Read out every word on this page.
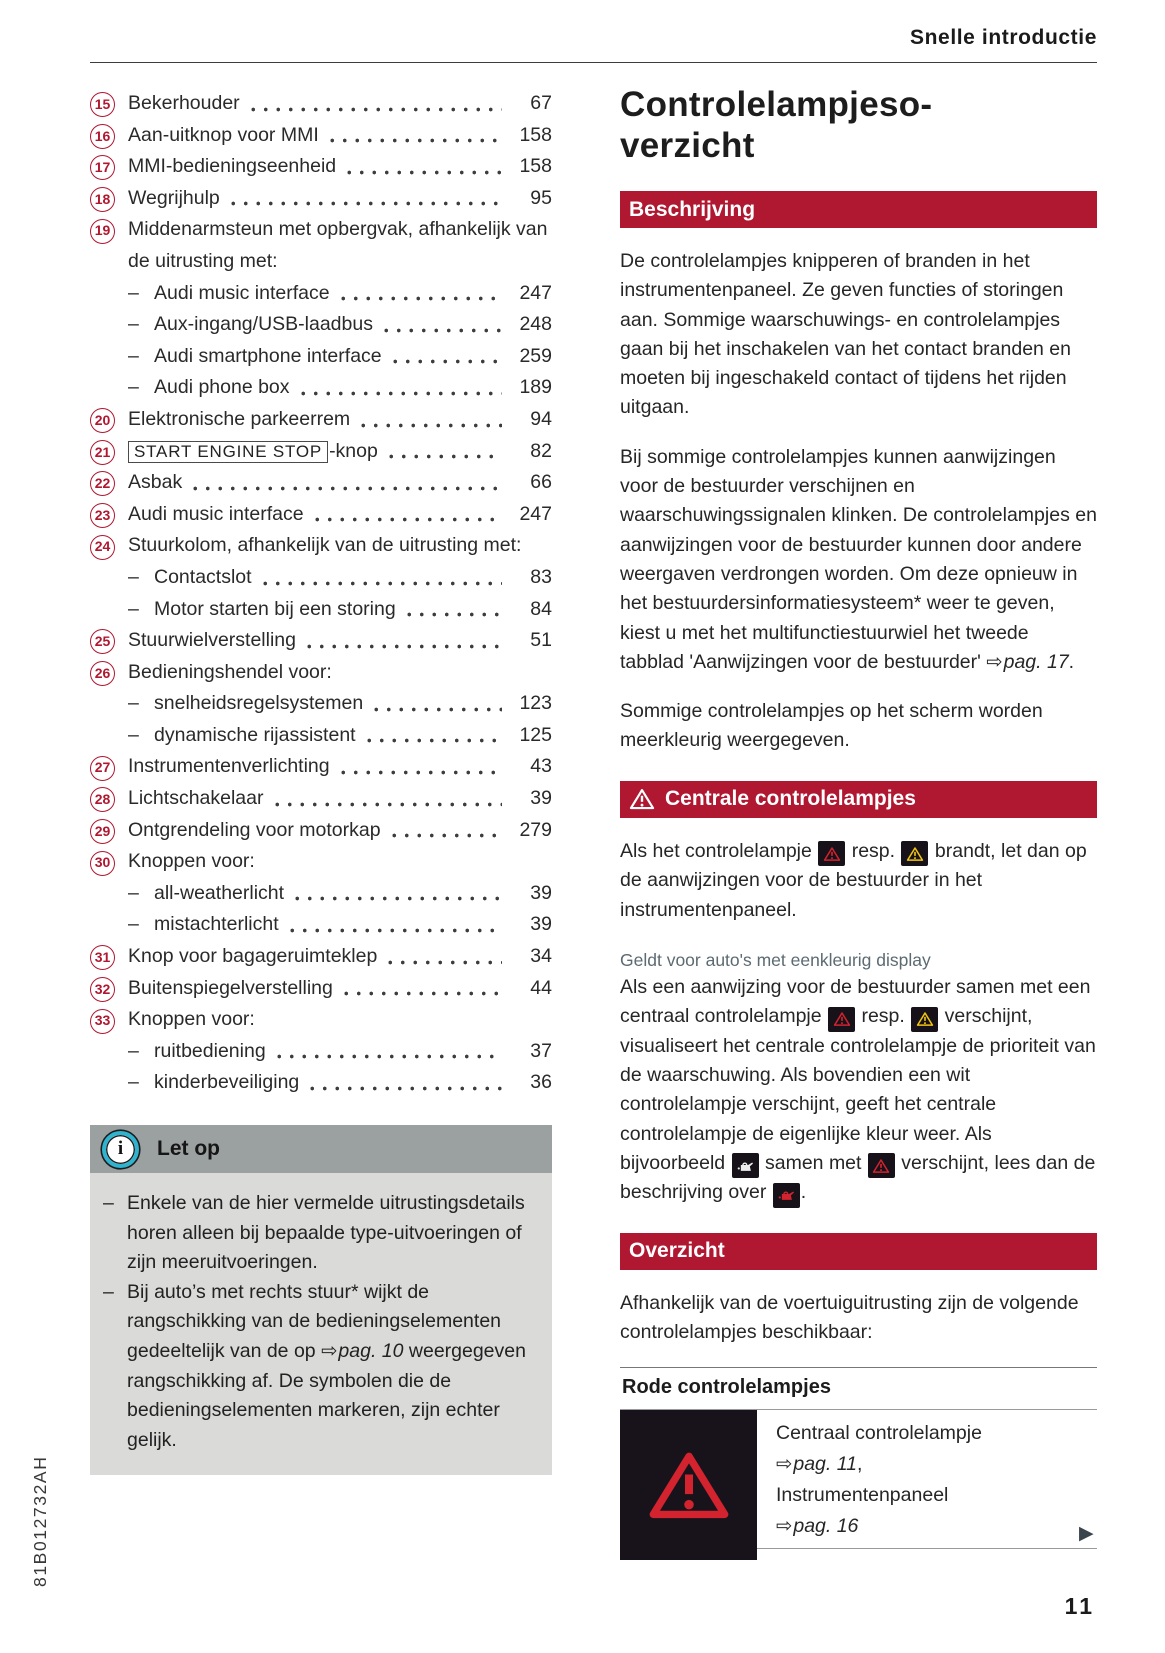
Snelle introductie
15 Bekerhouder	67
16 Aan-uitknop voor MMI	158
17 MMI-bedieningseenheid	158
18 Wegrijhulp	95
19 Middenarmsteun met opbergvak, afhankelijk van de uitrusting met:
– Audi music interface	247
– Aux-ingang/USB-laadbus	248
– Audi smartphone interface	259
– Audi phone box	189
20 Elektronische parkeerrem	94
21	START ENGINE STOP -knop	82
22 Asbak	66
23 Audi music interface	247
24 Stuurkolom, afhankelijk van de uitrusting met:
– Contactslot	83
– Motor starten bij een storing	84
25 Stuurwielverstelling	51
26 Bedieningshendel voor:
– snelheidsregelsystemen	123
– dynamische rijassistent	125
27 Instrumentenverlichting	43
28 Lichtschakelaar	39
29 Ontgrendeling voor motorkap	279
30 Knoppen voor:
– all-weatherlicht	39
– mistachterlicht	39
31 Knop voor bagageruimteklep	34
32 Buitenspiegelverstelling	44
33 Knoppen voor:
– ruitbediening	37
– kinderbeveiliging	36
i	Let op
– Enkele van de hier vermelde uitrustingsdetails horen alleen bij bepaalde type-uitvoeringen of zijn meeruitvoeringen.
– Bij auto’s met rechts stuur* wijkt de rangschikking van de bedieningselementen gedeeltelijk van de op ⇨pag. 10 weergegeven rangschikking af. De symbolen die de bedieningselementen markeren, zijn echter gelijk.
Controlelampjeso-
verzicht
Beschrijving

De controlelampjes knipperen of branden in het instrumentenpaneel. Ze geven functies of storingen aan. Sommige waarschuwings- en controlelampjes gaan bij het inschakelen van het contact branden en moeten bij ingeschakeld contact of tijdens het rijden uitgaan.

Bij sommige controlelampjes kunnen aanwijzingen voor de bestuurder verschijnen en waarschuwingssignalen klinken. De controlelampjes en aanwijzingen voor de bestuurder kunnen door andere weergaven verdrongen worden. Om deze opnieuw in het bestuurdersinformatiesysteem* weer te geven, kiest u met het multifunctiestuurwiel het tweede tabblad 'Aanwijzingen voor de bestuurder' ⇨pag. 17.

Sommige controlelampjes op het scherm worden meerkleurig weergegeven.

Centrale controlelampjes

Als het controlelampje
resp.
brandt, let dan op de aanwijzingen voor de bestuurder in het instrumentenpaneel.

Geldt voor auto's met eenkleurig display

Als een aanwijzing voor de bestuurder samen met een centraal controlelampje
resp.
verschijnt, visualiseert het centrale controlelampje de prioriteit van de waarschuwing. Als bovendien een wit controlelampje verschijnt, geeft het centrale controlelampje de eigenlijke kleur weer. Als bijvoorbeeld
samen met
verschijnt, lees dan de beschrijving over
.

Overzicht

Afhankelijk van de voertuiguitrusting zijn de volgende controlelampjes beschikbaar:

Rode controlelampjes
Centraal controlelampje
⇨pag. 11,
Instrumentenpaneel
⇨pag. 16
81B012732AH
11
▶
